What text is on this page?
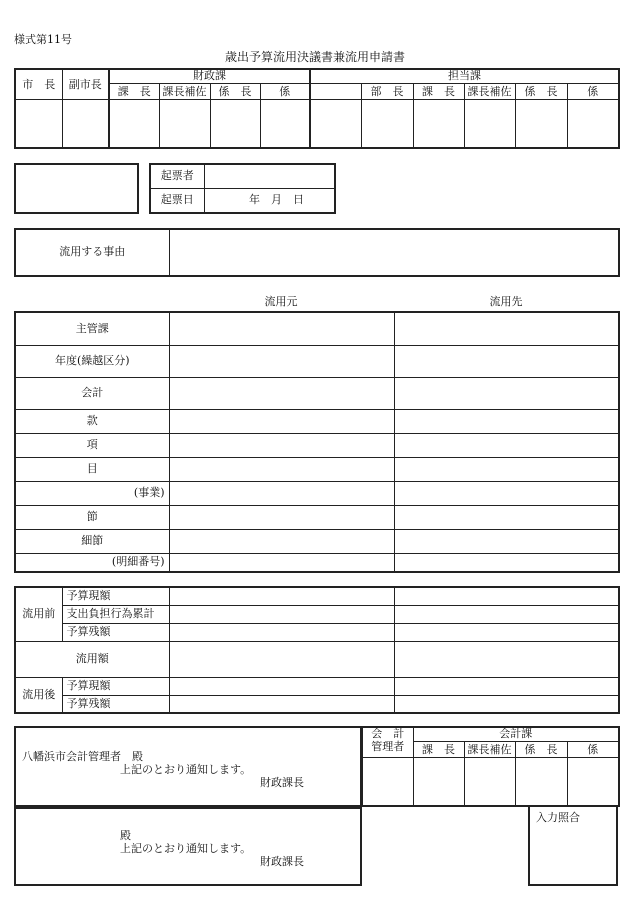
様式第11号
歳出予算流用決議書兼流用申請書
市　長	副市長	財政課				担当課					
		課　長	課長補佐	係　長	係		部　長	課　長	課長補佐	係　長	係

起票者	
起票日	年　月　日
流用する事由	
流用元	流用先
主管課		
年度(繰越区分)		
会計		
款		
項		
目		
(事業)		
節		
細節		
(明細番号)		
流用前	予算現額		
	支出負担行為累計		
	予算残額		
流用額			
流用後	予算現額		
	予算残額		
八幡浜市会計管理者　殿
上記のとおり通知します。
財政課長
会　計
管理者	会計課			
	課　長	課長補佐	係　長	係

殿
上記のとおり通知します。
財政課長
入力照合
